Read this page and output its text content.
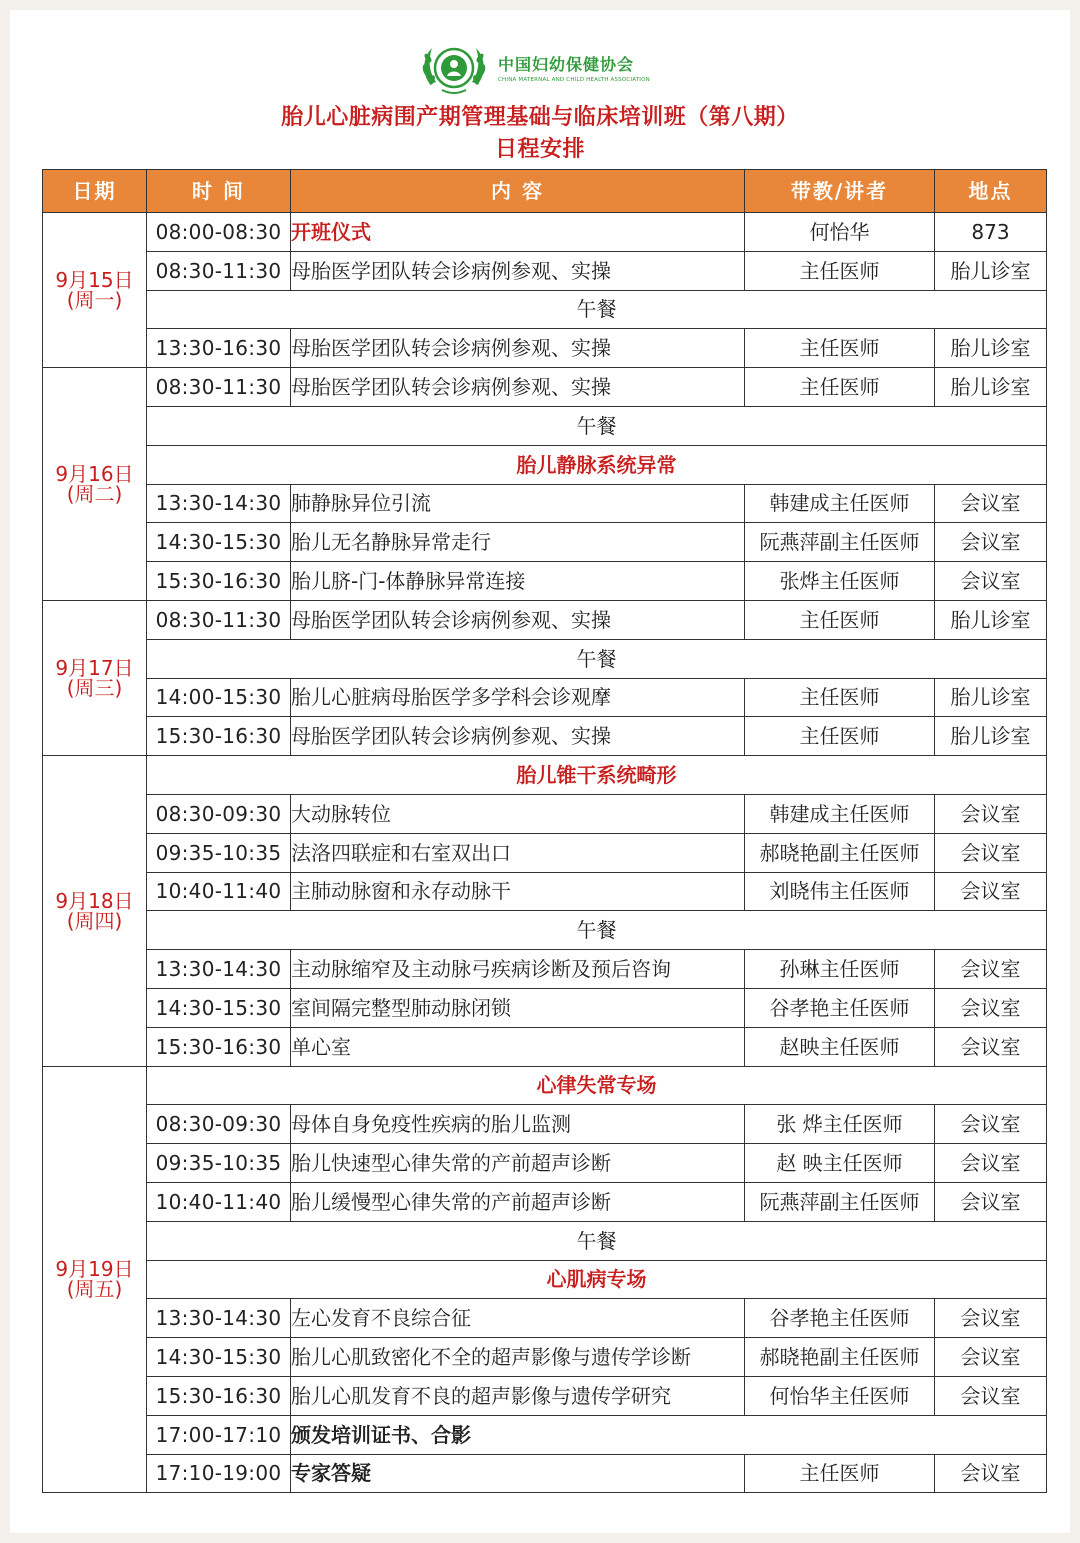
中国妇幼保健协会
CHINA MATERNAL AND CHILD HEALTH ASSOCIATION
胎儿心脏病围产期管理基础与临床培训班（第八期）
日程安排
日期	时 间	内 容	带教/讲者	地点

9月15日
(周一)	08:00-08:30	开班仪式	何怡华	873
	08:30-11:30	母胎医学团队转会诊病例参观、实操	主任医师	胎儿诊室
	午餐			
	13:30-16:30	母胎医学团队转会诊病例参观、实操	主任医师	胎儿诊室

9月16日
(周二)	08:30-11:30	母胎医学团队转会诊病例参观、实操	主任医师	胎儿诊室
	午餐			
	胎儿静脉系统异常			
	13:30-14:30	肺静脉异位引流	韩建成主任医师	会议室
	14:30-15:30	胎儿无名静脉异常走行	阮燕萍副主任医师	会议室
	15:30-16:30	胎儿脐-门-体静脉异常连接	张烨主任医师	会议室

9月17日
(周三)	08:30-11:30	母胎医学团队转会诊病例参观、实操	主任医师	胎儿诊室
	午餐			
	14:00-15:30	胎儿心脏病母胎医学多学科会诊观摩	主任医师	胎儿诊室
	15:30-16:30	母胎医学团队转会诊病例参观、实操	主任医师	胎儿诊室

9月18日
(周四)	胎儿锥干系统畸形			
	08:30-09:30	大动脉转位	韩建成主任医师	会议室
	09:35-10:35	法洛四联症和右室双出口	郝晓艳副主任医师	会议室
	10:40-11:40	主肺动脉窗和永存动脉干	刘晓伟主任医师	会议室
	午餐			
	13:30-14:30	主动脉缩窄及主动脉弓疾病诊断及预后咨询	孙琳主任医师	会议室
	14:30-15:30	室间隔完整型肺动脉闭锁	谷孝艳主任医师	会议室
	15:30-16:30	单心室	赵映主任医师	会议室

9月19日
(周五)	心律失常专场			
	08:30-09:30	母体自身免疫性疾病的胎儿监测	张 烨主任医师	会议室
	09:35-10:35	胎儿快速型心律失常的产前超声诊断	赵 映主任医师	会议室
	10:40-11:40	胎儿缓慢型心律失常的产前超声诊断	阮燕萍副主任医师	会议室
	午餐			
	心肌病专场			
	13:30-14:30	左心发育不良综合征	谷孝艳主任医师	会议室
	14:30-15:30	胎儿心肌致密化不全的超声影像与遗传学诊断	郝晓艳副主任医师	会议室
	15:30-16:30	胎儿心肌发育不良的超声影像与遗传学研究	何怡华主任医师	会议室
	17:00-17:10	颁发培训证书、合影		
	17:10-19:00	专家答疑	主任医师	会议室
